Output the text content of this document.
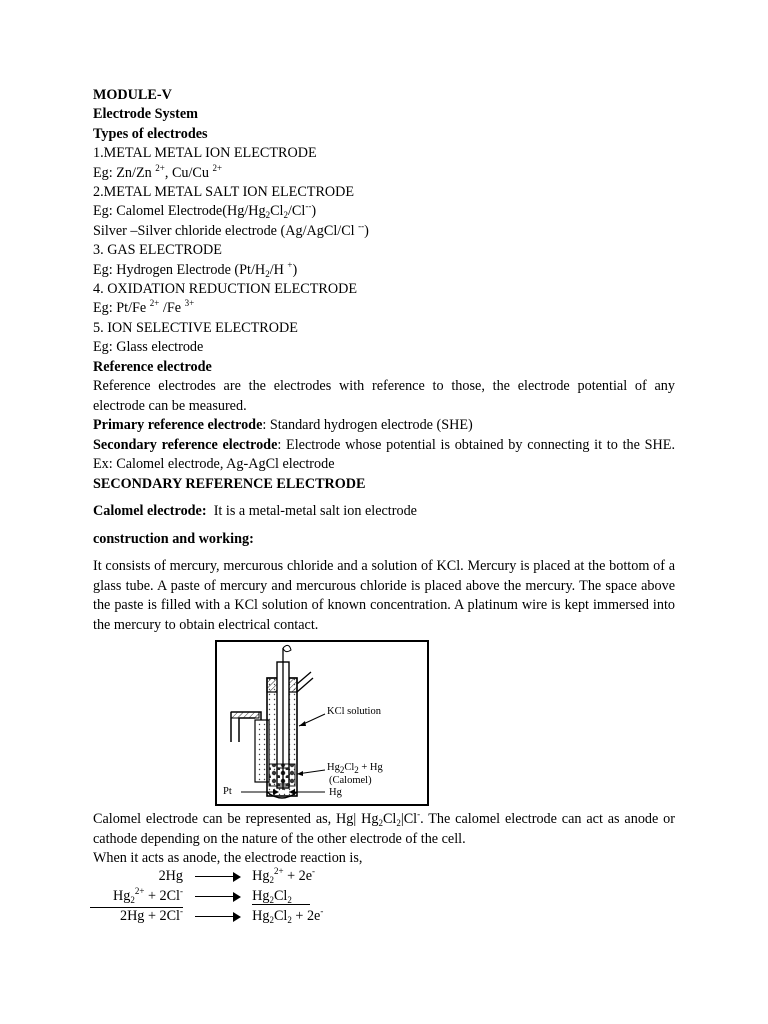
MODULE-V
Electrode System
Types of electrodes
1.METAL METAL ION ELECTRODE
Eg: Zn/Zn $^{2+}$, Cu/Cu $^{2+}$
2.METAL METAL SALT ION ELECTRODE
Eg: Calomel $Electrode(Hg/Hg_2Cl_2/Cl^{--})$
Silver –Silver chloride electrode (Ag/AgCl/Cl --)
3. GAS ELECTRODE
Eg: Hydrogen Electrode ($Pt/H_2/H$ +)
4. OXIDATION REDUCTION ELECTRODE
Eg: Pt/Fe $^{2+}$ /Fe $^{3+}$
5. ION SELECTIVE ELECTRODE
Eg: Glass electrode
Reference electrode
Reference electrodes are the electrodes with reference to those, the electrode potential of any electrode can be measured.
Primary reference electrode: Standard hydrogen electrode (SHE)
Secondary reference electrode: Electrode whose potential is obtained by connecting it to the SHE. Ex: Calomel electrode, Ag-AgCl electrode
SECONDARY REFERENCE ELECTRODE
Calomel electrode: It is a metal-metal salt ion electrode
construction and working:
It consists of mercury, mercurous chloride and a solution of KCl. Mercury is placed at the bottom of a glass tube. A paste of mercury and mercurous chloride is placed above the mercury. The space above the paste is filled with a KCl solution of known concentration. A platinum wire is kept immersed into the mercury to obtain electrical contact.
KCl solution
Hg2Cl2 + Hg
(Calomel)
Hg
Pt
Calomel electrode can be represented as, Hg| $Hg_2Cl_2|Cl^-$. The calomel electrode can act as anode or cathode depending on the nature of the other electrode of the cell.
When it acts as anode, the electrode reaction is,
2Hg	$Hg_2^{2+} + 2e^-$
$Hg_2^{2+} + 2Cl^-$	$Hg_2Cl_2$
2Hg + 2Cl-	$Hg_2Cl_2 + 2e^-$
